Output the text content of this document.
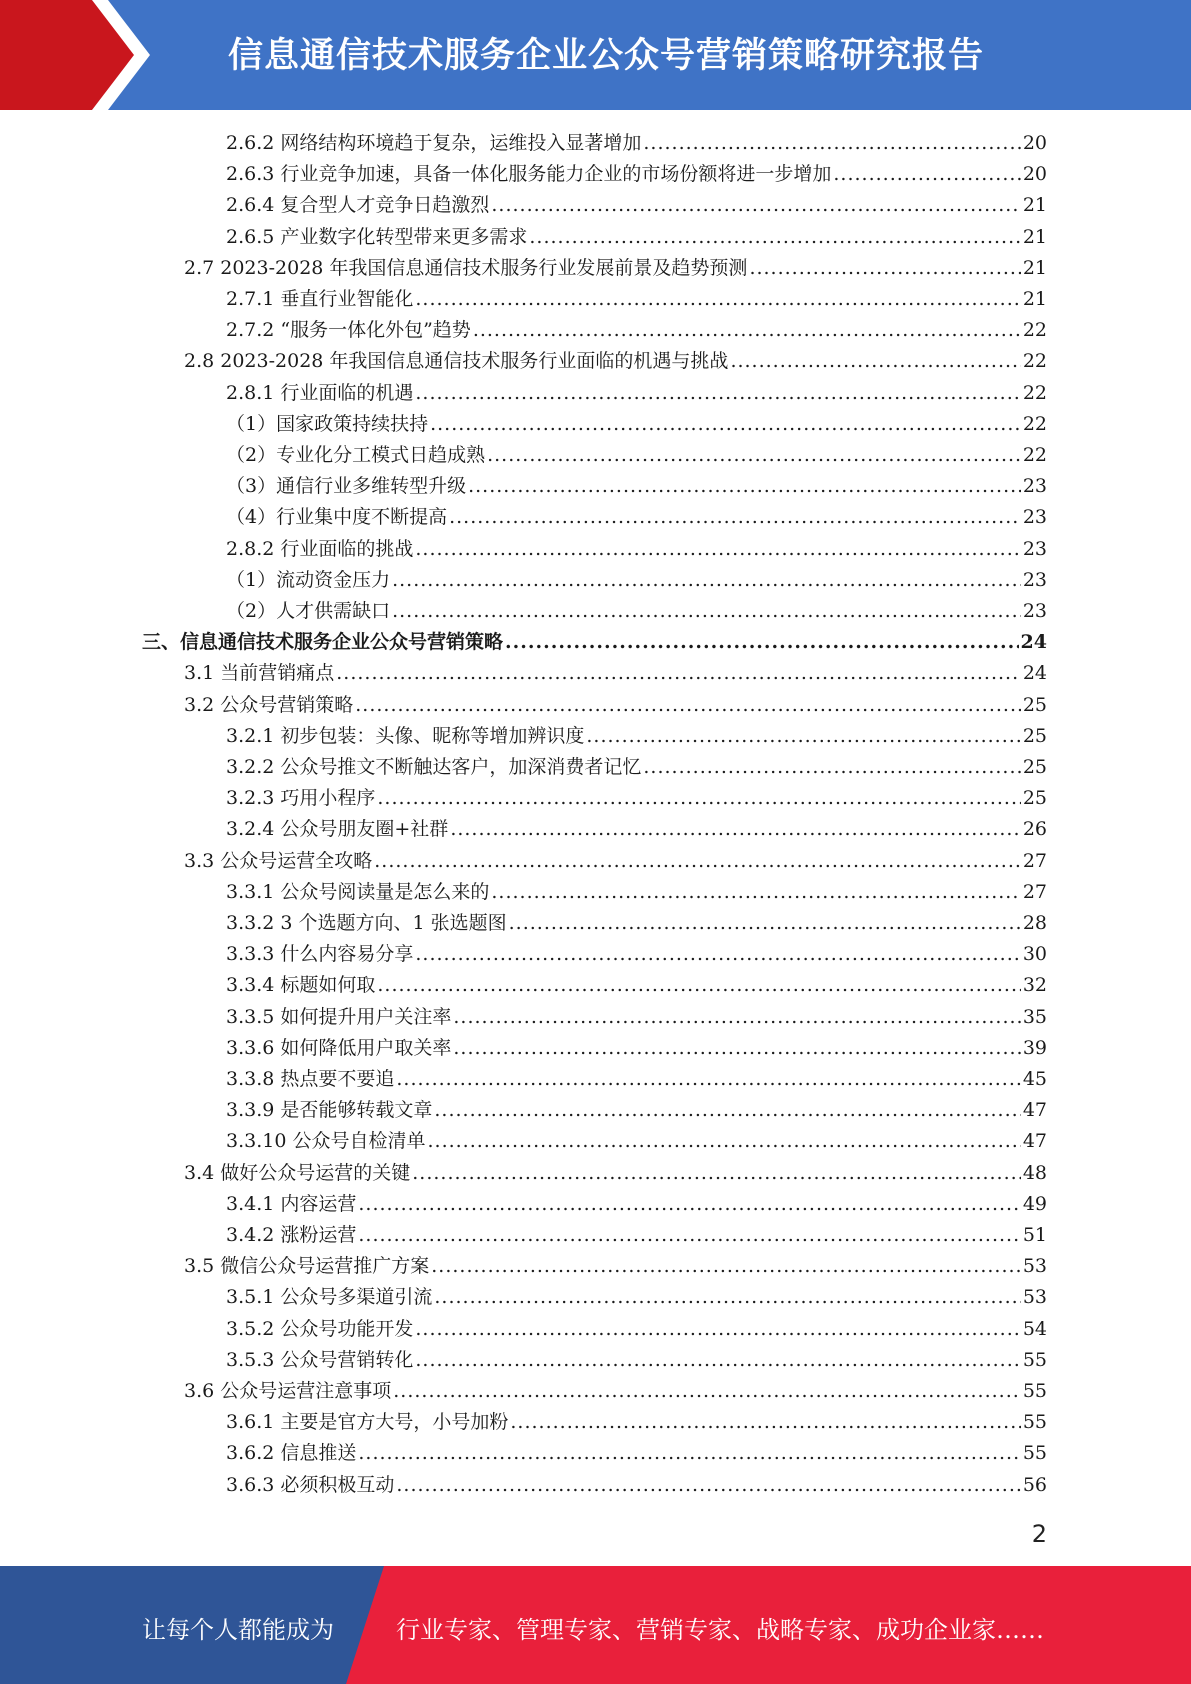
信息通信技术服务企业公众号营销策略研究报告
2.6.2 网络结构环境趋于复杂，运维投入显著增加 .....	20
2.6.3 行业竞争加速，具备一体化服务能力企业的市场份额将进一步增加 .....	20
2.6.4 复合型人才竞争日趋激烈 .....	21
2.6.5 产业数字化转型带来更多需求 .....	21
2.7 2023-2028 年我国信息通信技术服务行业发展前景及趋势预测 .....	21
2.7.1 垂直行业智能化 .....	21
2.7.2 “服务一体化外包”趋势 .....	22
2.8 2023-2028 年我国信息通信技术服务行业面临的机遇与挑战 .....	22
2.8.1 行业面临的机遇 .....	22
（1）国家政策持续扶持 .....	22
（2）专业化分工模式日趋成熟 .....	22
（3）通信行业多维转型升级 .....	23
（4）行业集中度不断提高 .....	23
2.8.2 行业面临的挑战 .....	23
（1）流动资金压力 .....	23
（2）人才供需缺口 .....	23
三、信息通信技术服务企业公众号营销策略 .....	24
3.1 当前营销痛点 .....	24
3.2 公众号营销策略 .....	25
3.2.1 初步包装：头像、昵称等增加辨识度 .....	25
3.2.2 公众号推文不断触达客户，加深消费者记忆 .....	25
3.2.3 巧用小程序 .....	25
3.2.4 公众号朋友圈+社群 .....	26
3.3 公众号运营全攻略 .....	27
3.3.1 公众号阅读量是怎么来的 .....	27
3.3.2 3 个选题方向、1 张选题图 .....	28
3.3.3 什么内容易分享 .....	30
3.3.4 标题如何取 .....	32
3.3.5 如何提升用户关注率 .....	35
3.3.6 如何降低用户取关率 .....	39
3.3.8 热点要不要追 .....	45
3.3.9 是否能够转载文章 .....	47
3.3.10 公众号自检清单 .....	47
3.4 做好公众号运营的关键 .....	48
3.4.1 内容运营 .....	49
3.4.2 涨粉运营 .....	51
3.5 微信公众号运营推广方案 .....	53
3.5.1 公众号多渠道引流 .....	53
3.5.2 公众号功能开发 .....	54
3.5.3 公众号营销转化 .....	55
3.6 公众号运营注意事项 .....	55
3.6.1 主要是官方大号，小号加粉 .....	55
3.6.2 信息推送 .....	55
3.6.3 必须积极互动 .....	56
2
让每个人都能成为	行业专家、管理专家、营销专家、战略专家、成功企业家……
